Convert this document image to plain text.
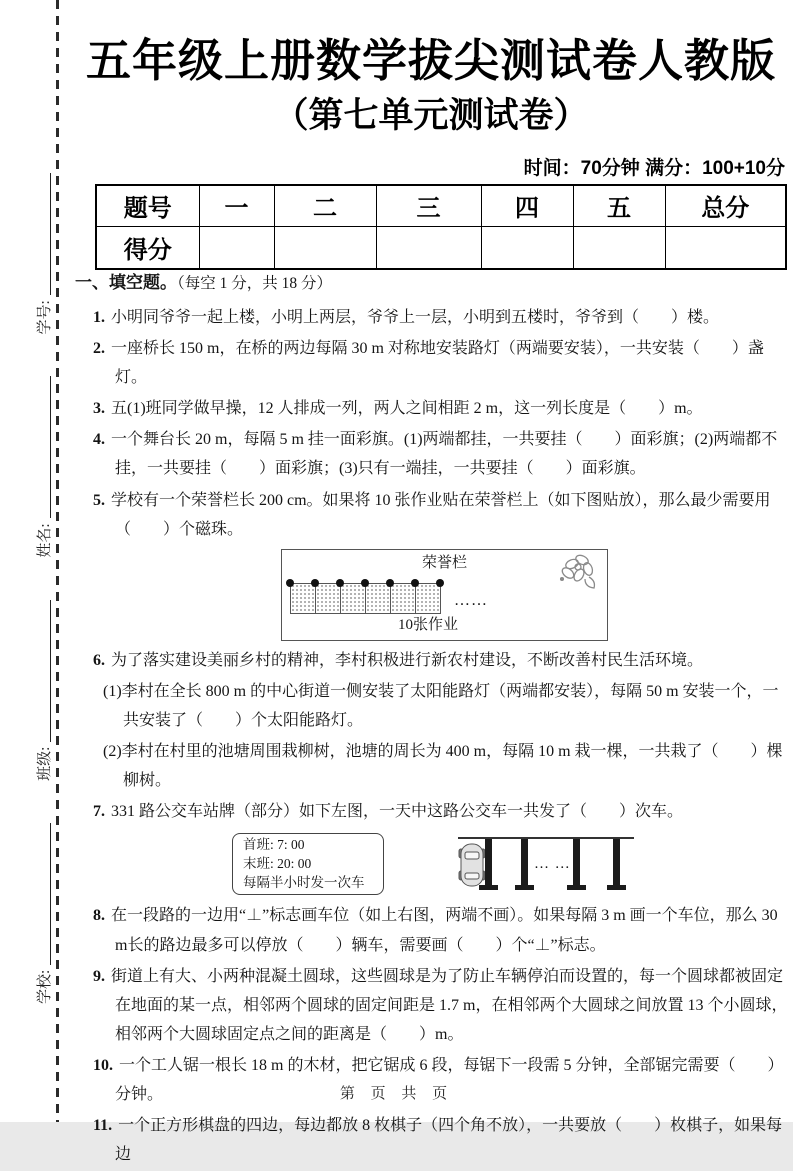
学校:
班级:
姓名:
学号:
五年级上册数学拔尖测试卷人教版
（第七单元测试卷）
时间：70分钟 满分：100+10分
题号	一	二	三	四	五	总分
得分						
一、填空题。（每空 1 分，共 18 分）
1. 小明同爷爷一起上楼，小明上两层，爷爷上一层，小明到五楼时，爷爷到（　　）楼。
2. 一座桥长 150 m，在桥的两边每隔 30 m 对称地安装路灯（两端要安装），一共安装（　　）盏灯。
3. 五(1)班同学做早操，12 人排成一列，两人之间相距 2 m，这一列长度是（　　）m。
4. 一个舞台长 20 m，每隔 5 m 挂一面彩旗。(1)两端都挂，一共要挂（　　）面彩旗；(2)两端都不挂，一共要挂（　　）面彩旗；(3)只有一端挂，一共要挂（　　）面彩旗。
5. 学校有一个荣誉栏长 200 cm。如果将 10 张作业贴在荣誉栏上（如下图贴放），那么最少需要用（　　）个磁珠。
荣誉栏
……
10张作业
6. 为了落实建设美丽乡村的精神，李村积极进行新农村建设，不断改善村民生活环境。
(1)李村在全长 800 m 的中心街道一侧安装了太阳能路灯（两端都安装），每隔 50 m 安装一个，一共安装了（　　）个太阳能路灯。
(2)李村在村里的池塘周围栽柳树，池塘的周长为 400 m，每隔 10 m 栽一棵，一共栽了（　　）棵柳树。
7. 331 路公交车站牌（部分）如下左图，一天中这路公交车一共发了（　　）次车。
首班: 7: 00
末班: 20: 00
每隔半小时发一次车
… …
8. 在一段路的一边用“⊥”标志画车位（如上右图，两端不画）。如果每隔 3 m 画一个车位，那么 30 m长的路边最多可以停放（　　）辆车，需要画（　　）个“⊥”标志。
9. 街道上有大、小两种混凝土圆球，这些圆球是为了防止车辆停泊而设置的，每一个圆球都被固定在地面的某一点，相邻两个圆球的固定间距是 1.7 m，在相邻两个大圆球之间放置 13 个小圆球，相邻两个大圆球固定点之间的距离是（　　）m。
10. 一个工人锯一根长 18 m 的木材，把它锯成 6 段，每锯下一段需 5 分钟，全部锯完需要（　　）分钟。
11. 一个正方形棋盘的四边，每边都放 8 枚棋子（四个角不放），一共要放（　　）枚棋子，如果每边
第 页 共 页
